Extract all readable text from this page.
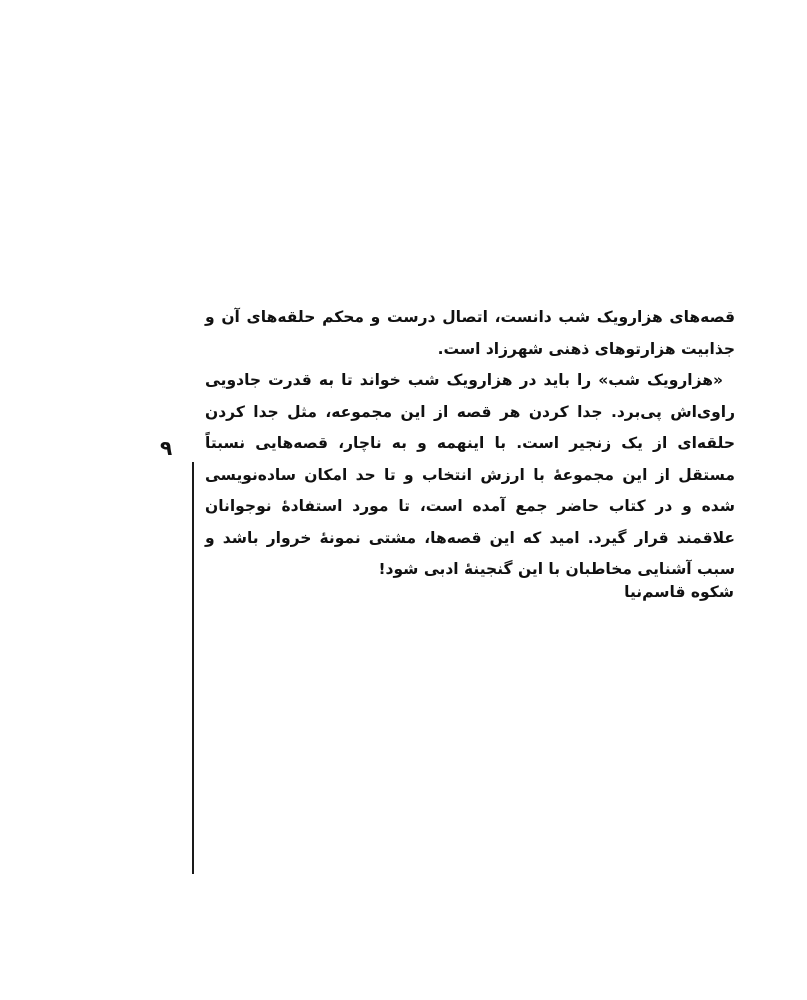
۹

قصه‌های هزارویک شب دانست، اتصال درست و محکم حلقه‌های آن و جذابیت هزارتوهای ذهنی شهرزاد است.

«هزارویک شب» را باید در هزارویک شب خواند تا به قدرت جادویی راوی‌اش پی‌برد. جدا کردن هر قصه از این مجموعه، مثل جدا کردن حلقه‌ای از یک زنجیر است. با اینهمه و به ناچار، قصه‌هایی نسبتاً مستقل از این مجموعهٔ با ارزش انتخاب و تا حد امکان ساده‌نویسی شده و در کتاب حاضر جمع آمده است، تا مورد استفادهٔ نوجوانان علاقمند قرار گیرد. امید که این قصه‌ها، مشتی نمونهٔ خروار باشد و سبب آشنایی مخاطبان با این گنجینهٔ ادبی شود!

شکوه قاسم‌نیا
